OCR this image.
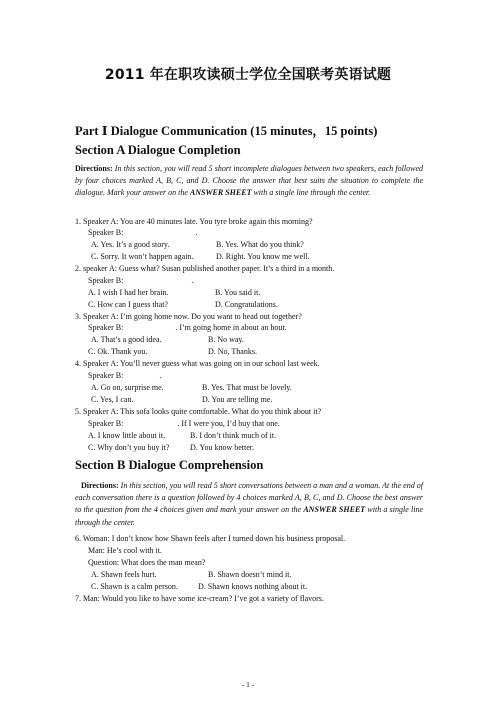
2011 年在职攻读硕士学位全国联考英语试题
Part Ⅰ Dialogue Communication (15 minutes，15 points)
Section A Dialogue Completion
Directions: In this section, you will read 5 short incomplete dialogues between two speakers, each followed by four choices marked A, B, C, and D. Choose the answer that best suits the situation to complete the dialogue. Mark your answer on the ANSWER SHEET with a single line through the center.
1. Speaker A: You are 40 minutes late. You tyre broke again this morning?
Speaker B:	.
A. Yes. It’s a good story.	B. Yes. What do you think?
C. Sorry. It won’t happen again.	D. Right. You know me well.
2. speaker A: Guess what? Susan published another paper. It’s a third in a month.
Speaker B:	.
A. I wish I had her brain.	B. You said it.
C. How can I guess that?	D. Congratulations.
3. Speaker A: I’m going home now. Do you want to head out together?
Speaker B:	. I’m going home in about an hour.
A. That’s a good idea.	B. No way.
C. Ok. Thank you.	D. No, Thanks.
4. Speaker A: You’ll never guess what was going on in our school last week.
Speaker B:	.
A. Go on, surprise me.	B. Yes. That must be lovely.
C. Yes, I can.	D. You are telling me.
5. Speaker A: This sofa looks quite comfortable. What do you think about it?
Speaker B:	. If I were you, I’d buy that one.
A. I know little about it.	B. I don’t think much of it.
C. Why don’t you buy it?	D. You know better.
Section B Dialogue Comprehension
Directions: In this section, you will read 5 short conversations between a man and a woman. At the end of each conversation there is a question followed by 4 choices marked A, B, C, and D. Choose the best answer to the question from the 4 choices given and mark your answer on the ANSWER SHEET with a single line through the center.
6. Woman: I don’t know how Shawn feels after I turned down his business proposal.
Man: He’s cool with it.
Question: What does the man mean?
A. Shawn feels hurt.	B. Shawn doesn’t mind it.
C. Shawn is a calm person.	D. Shawn knows nothing about it.
7. Man: Would you like to have some ice-cream? I’ve got a variety of flavors.
- 1 -
